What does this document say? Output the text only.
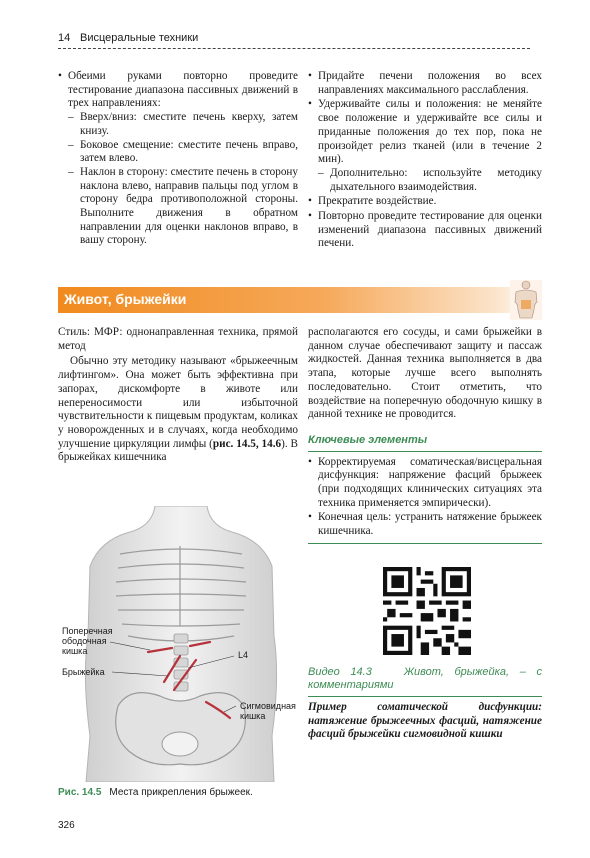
14 Висцеральные техники
• Обеими руками повторно проведите тестирование диапазона пассивных движений в трех направлениях:
– Вверх/вниз: сместите печень кверху, затем книзу.
– Боковое смещение: сместите печень вправо, затем влево.
– Наклон в сторону: сместите печень в сторону наклона влево, направив пальцы под углом в сторону бедра противоположной стороны. Выполните движения в обратном направлении для оценки наклонов вправо, в вашу сторону.
• Придайте печени положения во всех направлениях максимального расслабления.
• Удерживайте силы и положения: не меняйте свое положение и удерживайте все силы и приданные положения до тех пор, пока не произойдет релиз тканей (или в течение 2 мин).
– Дополнительно: используйте методику дыхательного взаимодействия.
• Прекратите воздействие.
• Повторно проведите тестирование для оценки изменений диапазона пассивных движений печени.
Живот, брыжейки

Стиль: МФР: однонаправленная техника, прямой метод

Обычно эту методику называют «брыжеечным лифтингом». Она может быть эффективна при запорах, дискомфорте в животе или непереносимости или избыточной чувствительности к пищевым продуктам, коликах у новорожденных и в случаях, когда необходимо улучшение циркуляции лимфы (рис. 14.5, 14.6). В брыжейках кишечника

располагаются его сосуды, и сами брыжейки в данном случае обеспечивают защиту и пассаж жидкостей. Данная техника выполняется в два этапа, которые лучше всего выполнять последовательно. Стоит отметить, что воздействие на поперечную ободочную кишку в данной технике не проводится.

Ключевые элементы
• Корректируемая соматическая/висцеральная дисфункция: напряжение фасций брыжеек (при подходящих клинических ситуациях эта техника применяется эмпирически).
• Конечная цель: устранить натяжение брыжеек кишечника.
Видео 14.3	Живот, брыжейка, – с комментариями

Пример соматической дисфункции: натяжение брыжеечных фасций, натяжение фасций брыжейки сигмовидной кишки

Поперечная ободочная кишка
Брыжейка
L4
Сигмовидная кишка
Рис. 14.5 Места прикрепления брыжеек.
326
